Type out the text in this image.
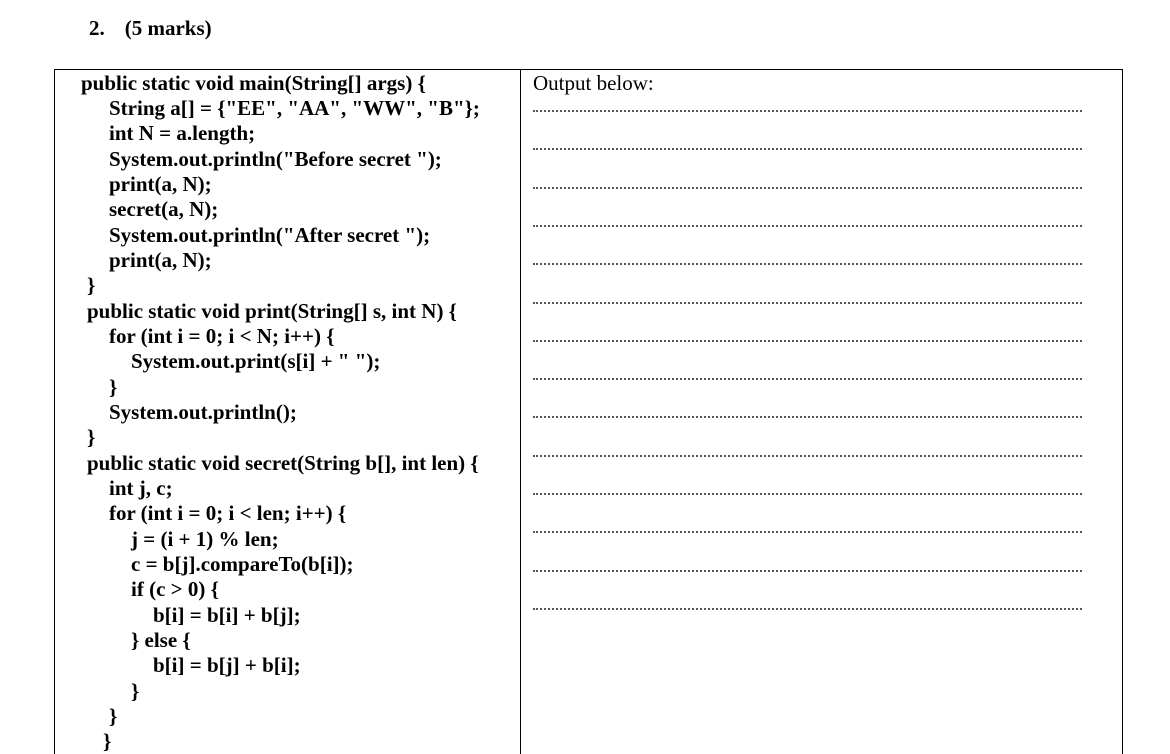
2. (5 marks)
public static void main(String[] args) {
String a[] = {"EE", "AA", "WW", "B"};
int N = a.length;
System.out.println("Before secret ");
print(a, N);
secret(a, N);
System.out.println("After secret ");
print(a, N);
}
public static void print(String[] s, int N) {
for (int i = 0; i < N; i++) {
System.out.print(s[i] + " ");
}
System.out.println();
}
public static void secret(String b[], int len) {
int j, c;
for (int i = 0; i < len; i++) {
j = (i + 1) % len;
c = b[j].compareTo(b[i]);
if (c > 0) {
b[i] = b[i] + b[j];
} else {
b[i] = b[j] + b[i];
}
}
}
Output below:
